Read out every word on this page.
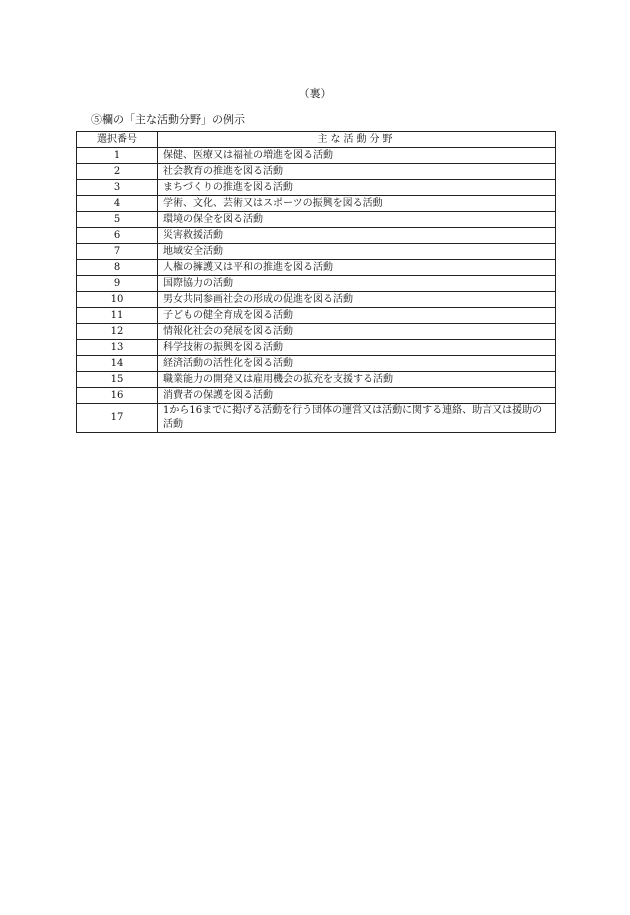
（裏）
⑤欄の「主な活動分野」の例示
選択番号	主な活動分野
1	保健、医療又は福祉の増進を図る活動
2	社会教育の推進を図る活動
3	まちづくりの推進を図る活動
4	学術、文化、芸術又はスポーツの振興を図る活動
5	環境の保全を図る活動
6	災害救援活動
7	地域安全活動
8	人権の擁護又は平和の推進を図る活動
9	国際協力の活動
10	男女共同参画社会の形成の促進を図る活動
11	子どもの健全育成を図る活動
12	情報化社会の発展を図る活動
13	科学技術の振興を図る活動
14	経済活動の活性化を図る活動
15	職業能力の開発又は雇用機会の拡充を支援する活動
16	消費者の保護を図る活動
17	1から16までに掲げる活動を行う団体の運営又は活動に関する連絡、助言又は援助の活動
